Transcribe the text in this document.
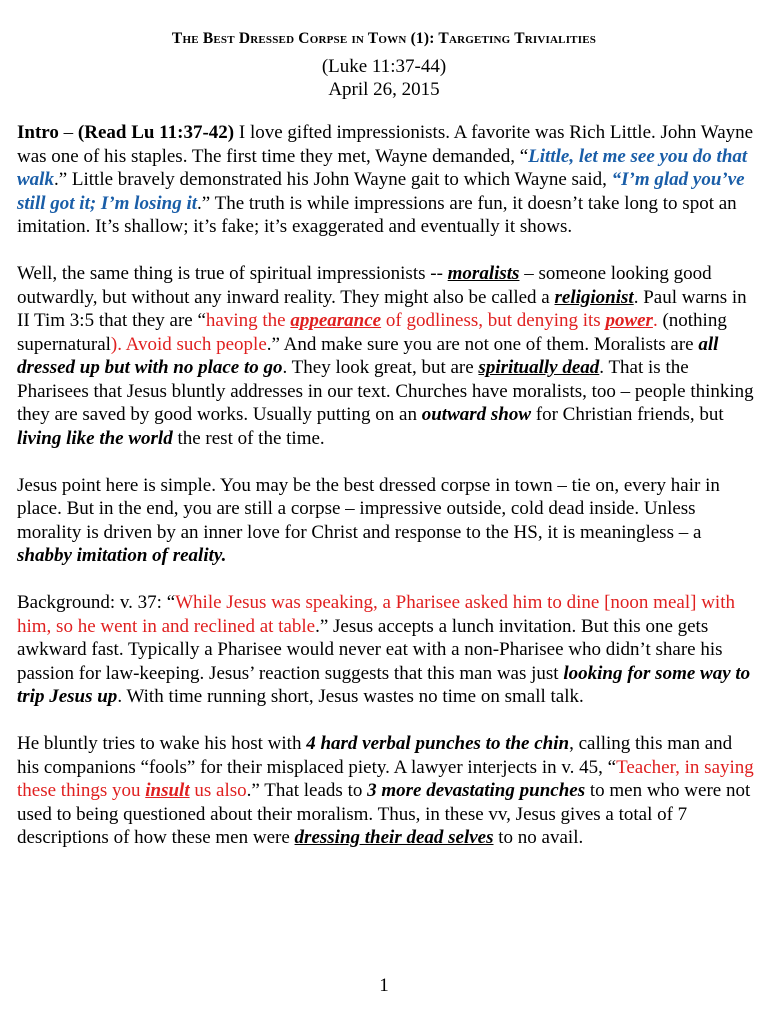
The Best Dressed Corpse in Town (1): Targeting Trivialities
(Luke 11:37-44)
April 26, 2015

Intro – (Read Lu 11:37-42) I love gifted impressionists. A favorite was Rich Little. John Wayne was one of his staples. The first time they met, Wayne demanded, “Little, let me see you do that walk.” Little bravely demonstrated his John Wayne gait to which Wayne said, “I’m glad you’ve still got it; I’m losing it.” The truth is while impressions are fun, it doesn’t take long to spot an imitation. It’s shallow; it’s fake; it’s exaggerated and eventually it shows.

Well, the same thing is true of spiritual impressionists -- moralists – someone looking good outwardly, but without any inward reality. They might also be called a religionist. Paul warns in II Tim 3:5 that they are “having the appearance of godliness, but denying its power. (nothing supernatural). Avoid such people.” And make sure you are not one of them. Moralists are all dressed up but with no place to go. They look great, but are spiritually dead. That is the Pharisees that Jesus bluntly addresses in our text. Churches have moralists, too – people thinking they are saved by good works. Usually putting on an outward show for Christian friends, but living like the world the rest of the time.

Jesus point here is simple. You may be the best dressed corpse in town – tie on, every hair in place. But in the end, you are still a corpse – impressive outside, cold dead inside. Unless morality is driven by an inner love for Christ and response to the HS, it is meaningless – a shabby imitation of reality.

Background: v. 37: “While Jesus was speaking, a Pharisee asked him to dine [noon meal] with him, so he went in and reclined at table.” Jesus accepts a lunch invitation. But this one gets awkward fast. Typically a Pharisee would never eat with a non-Pharisee who didn’t share his passion for law-keeping. Jesus’ reaction suggests that this man was just looking for some way to trip Jesus up. With time running short, Jesus wastes no time on small talk.

He bluntly tries to wake his host with 4 hard verbal punches to the chin, calling this man and his companions “fools” for their misplaced piety. A lawyer interjects in v. 45, “Teacher, in saying these things you insult us also.” That leads to 3 more devastating punches to men who were not used to being questioned about their moralism. Thus, in these vv, Jesus gives a total of 7 descriptions of how these men were dressing their dead selves to no avail.

1
